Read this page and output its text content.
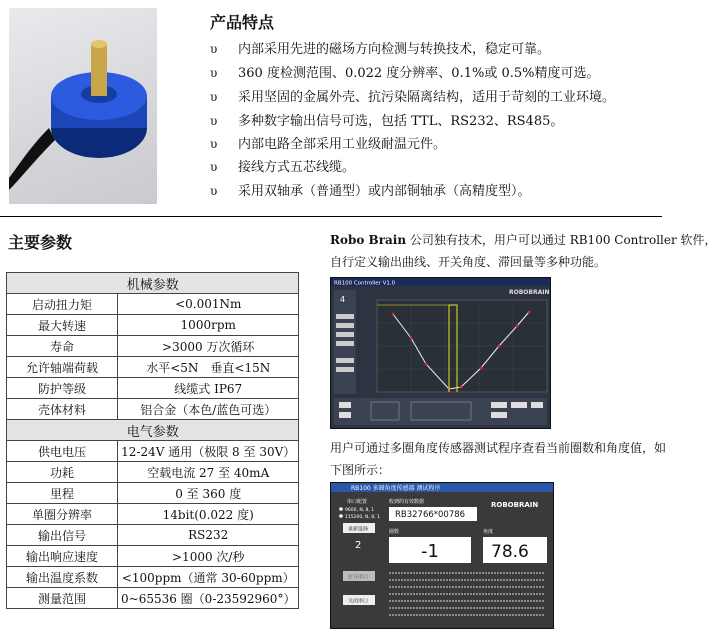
产品特点
υ 内部采用先进的磁场方向检测与转换技术，稳定可靠。
υ 360 度检测范围、0.022 度分辨率、0.1%或 0.5%精度可选。
υ 采用坚固的金属外壳、抗污染隔离结构，适用于苛刻的工业环境。
υ 多种数字输出信号可选，包括 TTL、RS232、RS485。
υ 内部电路全部采用工业级耐温元件。
υ 接线方式五芯线缆。
υ 采用双轴承（普通型）或内部铜轴承（高精度型）。
主要参数
机械参数	
启动扭力矩	<0.001Nm
最大转速	1000rpm
寿命	>3000 万次循环
允许轴端荷载	水平<5N　垂直<15N
防护等级	线缆式 IP67
壳体材料	铝合金（本色/蓝色可选）
电气参数	
供电电压	12-24V 通用（极限 8 至 30V）
功耗	空载电流 27 至 40mA
里程	0 至 360 度
单圈分辨率	14bit(0.022 度)
输出信号	RS232
输出响应速度	>1000 次/秒
输出温度系数	<100ppm（通常 30-60ppm）
测量范围	0~65536 圈（0-23592960°）
Robo Brain 公司独有技术，用户可以通过 RB100 Controller 软件，
自行定义输出曲线、开关角度、滞回量等多种功能。
用户可通过多圈角度传感器测试程序查看当前圈数和角度值，如
下图所示：
RB100 Controller V1.0
ROBOBRAIN
4
RB100 多圈角度传感器 测试程序
ROBOBRAIN
串口配置
9600, N, 8, 1
115200, N, 8, 1
重新选择
2
收到的有效数据
RB32766*00786
圈数
-1
角度
78.6
打开串口
关闭串口
